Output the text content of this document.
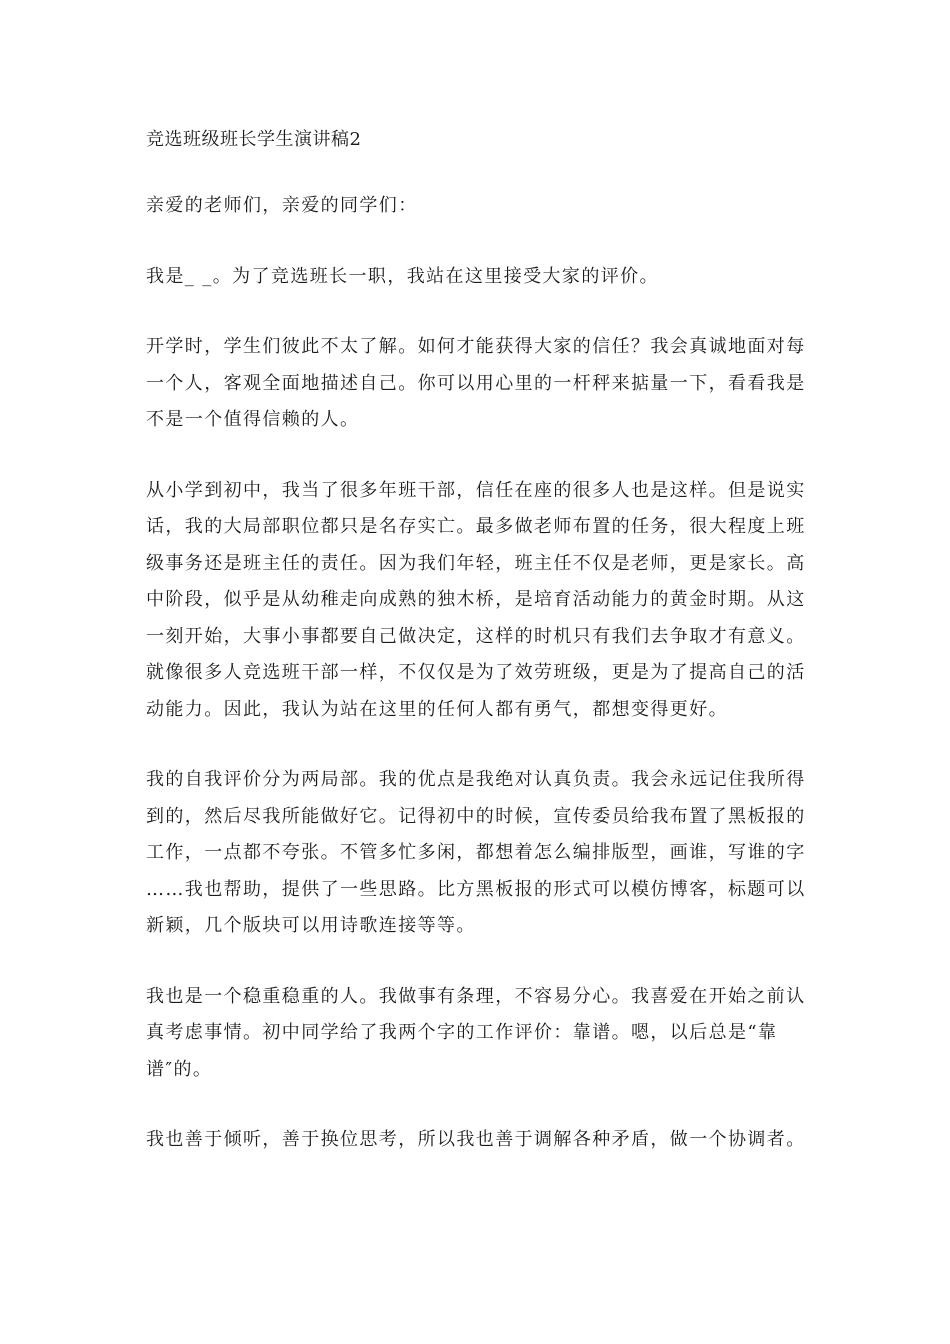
竞选班级班长学生演讲稿2
亲爱的老师们，亲爱的同学们：
我是_ _。为了竞选班长一职，我站在这里接受大家的评价。
开学时，学生们彼此不太了解。如何才能获得大家的信任？我会真诚地面对每
一个人，客观全面地描述自己。你可以用心里的一杆秤来掂量一下，看看我是
不是一个值得信赖的人。
从小学到初中，我当了很多年班干部，信任在座的很多人也是这样。但是说实
话，我的大局部职位都只是名存实亡。最多做老师布置的任务，很大程度上班
级事务还是班主任的责任。因为我们年轻，班主任不仅是老师，更是家长。高
中阶段，似乎是从幼稚走向成熟的独木桥，是培育活动能力的黄金时期。从这
一刻开始，大事小事都要自己做决定，这样的时机只有我们去争取才有意义。
就像很多人竞选班干部一样，不仅仅是为了效劳班级，更是为了提高自己的活
动能力。因此，我认为站在这里的任何人都有勇气，都想变得更好。
我的自我评价分为两局部。我的优点是我绝对认真负责。我会永远记住我所得
到的，然后尽我所能做好它。记得初中的时候，宣传委员给我布置了黑板报的
工作，一点都不夸张。不管多忙多闲，都想着怎么编排版型，画谁，写谁的字
……我也帮助，提供了一些思路。比方黑板报的形式可以模仿博客，标题可以
新颖，几个版块可以用诗歌连接等等。
我也是一个稳重稳重的人。我做事有条理，不容易分心。我喜爱在开始之前认
真考虑事情。初中同学给了我两个字的工作评价：靠谱。嗯，以后总是“靠
谱″的。
我也善于倾听，善于换位思考，所以我也善于调解各种矛盾，做一个协调者。
